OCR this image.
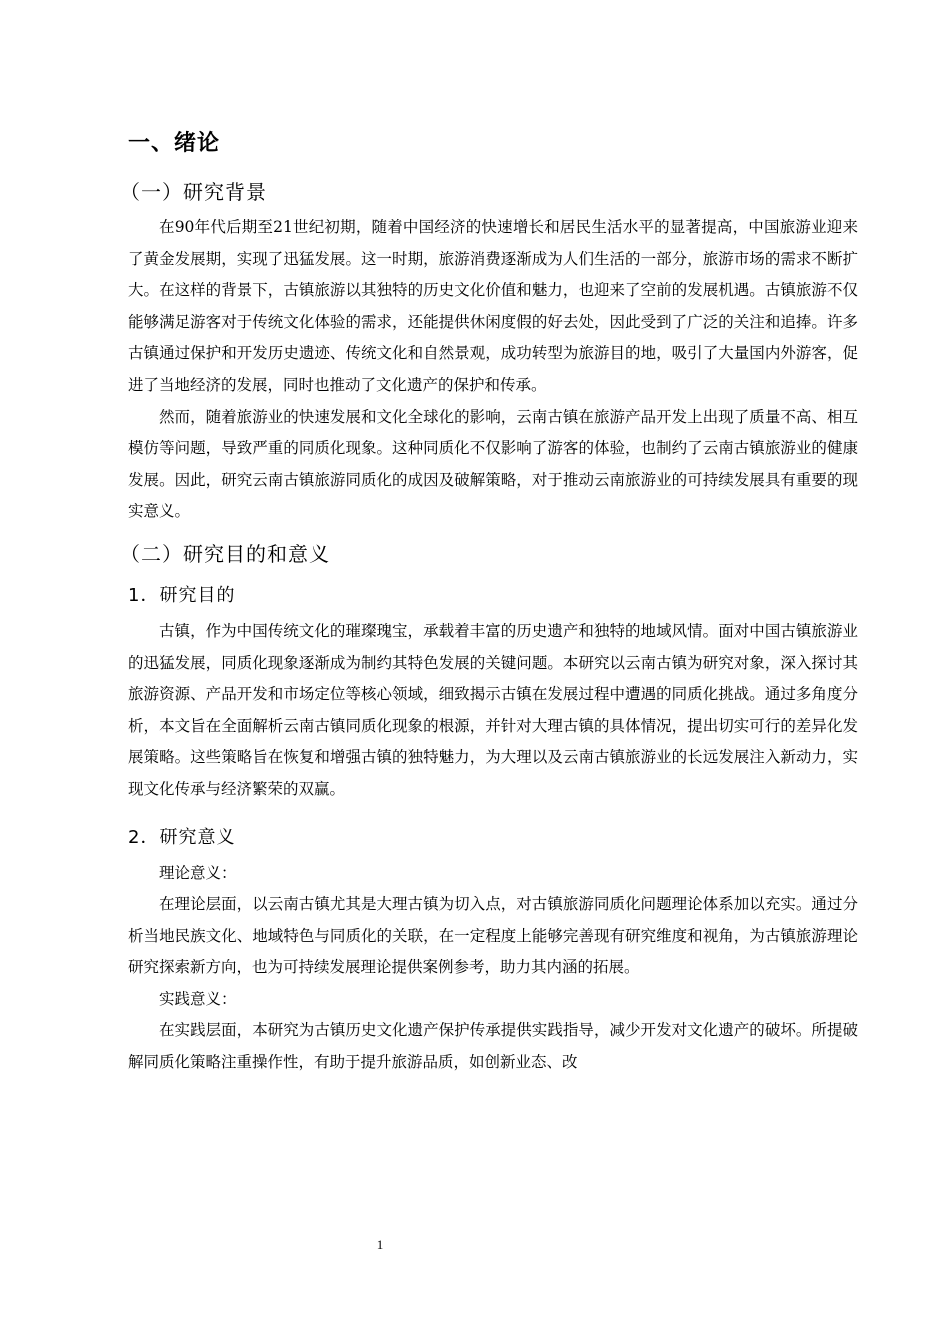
一、绪论
（一）研究背景

在90年代后期至21世纪初期，随着中国经济的快速增长和居民生活水平的显著提高，中国旅游业迎来了黄金发展期，实现了迅猛发展。这一时期，旅游消费逐渐成为人们生活的一部分，旅游市场的需求不断扩大。在这样的背景下，古镇旅游以其独特的历史文化价值和魅力，也迎来了空前的发展机遇。古镇旅游不仅能够满足游客对于传统文化体验的需求，还能提供休闲度假的好去处，因此受到了广泛的关注和追捧。许多古镇通过保护和开发历史遗迹、传统文化和自然景观，成功转型为旅游目的地，吸引了大量国内外游客，促进了当地经济的发展，同时也推动了文化遗产的保护和传承。

然而，随着旅游业的快速发展和文化全球化的影响，云南古镇在旅游产品开发上出现了质量不高、相互模仿等问题，导致严重的同质化现象。这种同质化不仅影响了游客的体验，也制约了云南古镇旅游业的健康发展。因此，研究云南古镇旅游同质化的成因及破解策略，对于推动云南旅游业的可持续发展具有重要的现实意义。

（二）研究目的和意义
1．研究目的

古镇，作为中国传统文化的璀璨瑰宝，承载着丰富的历史遗产和独特的地域风情。面对中国古镇旅游业的迅猛发展，同质化现象逐渐成为制约其特色发展的关键问题。本研究以云南古镇为研究对象，深入探讨其旅游资源、产品开发和市场定位等核心领域，细致揭示古镇在发展过程中遭遇的同质化挑战。通过多角度分析，本文旨在全面解析云南古镇同质化现象的根源，并针对大理古镇的具体情况，提出切实可行的差异化发展策略。这些策略旨在恢复和增强古镇的独特魅力，为大理以及云南古镇旅游业的长远发展注入新动力，实现文化传承与经济繁荣的双赢。

2．研究意义

理论意义：

在理论层面，以云南古镇尤其是大理古镇为切入点，对古镇旅游同质化问题理论体系加以充实。通过分析当地民族文化、地域特色与同质化的关联，在一定程度上能够完善现有研究维度和视角，为古镇旅游理论研究探索新方向，也为可持续发展理论提供案例参考，助力其内涵的拓展。

实践意义：

在实践层面，本研究为古镇历史文化遗产保护传承提供实践指导，减少开发对文化遗产的破坏。所提破解同质化策略注重操作性，有助于提升旅游品质，如创新业态、改

1
